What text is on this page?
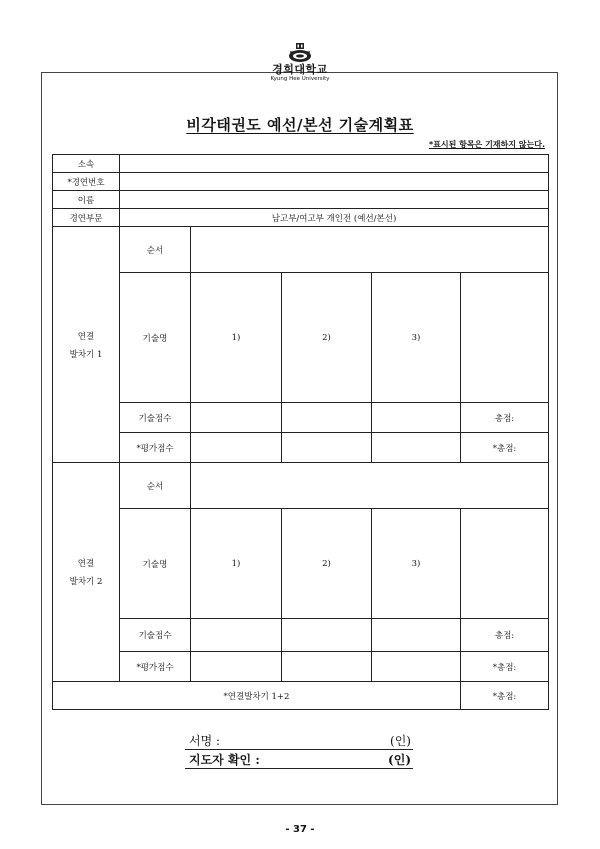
경희대학교
Kyung Hee University
비각태권도 예선/본선 기술계획표
*표시된 항목은 기재하지 않는다.
소속					
*경연번호					
이름					
경연부문	남고부/여고부 개인전 (예선/본선)				

연결
발차기 1	순서				
	기술명	1)	2)	3)	
	기술점수				총점:
	*평가점수				*총점:

연결
발차기 2	순서				
	기술명	1)	2)	3)	
	기술점수				총점:
	*평가점수				*총점:
*연결발차기 1+2					*총점:
서명 :	(인)
지도자 확인 :	(인)
- 37 -
